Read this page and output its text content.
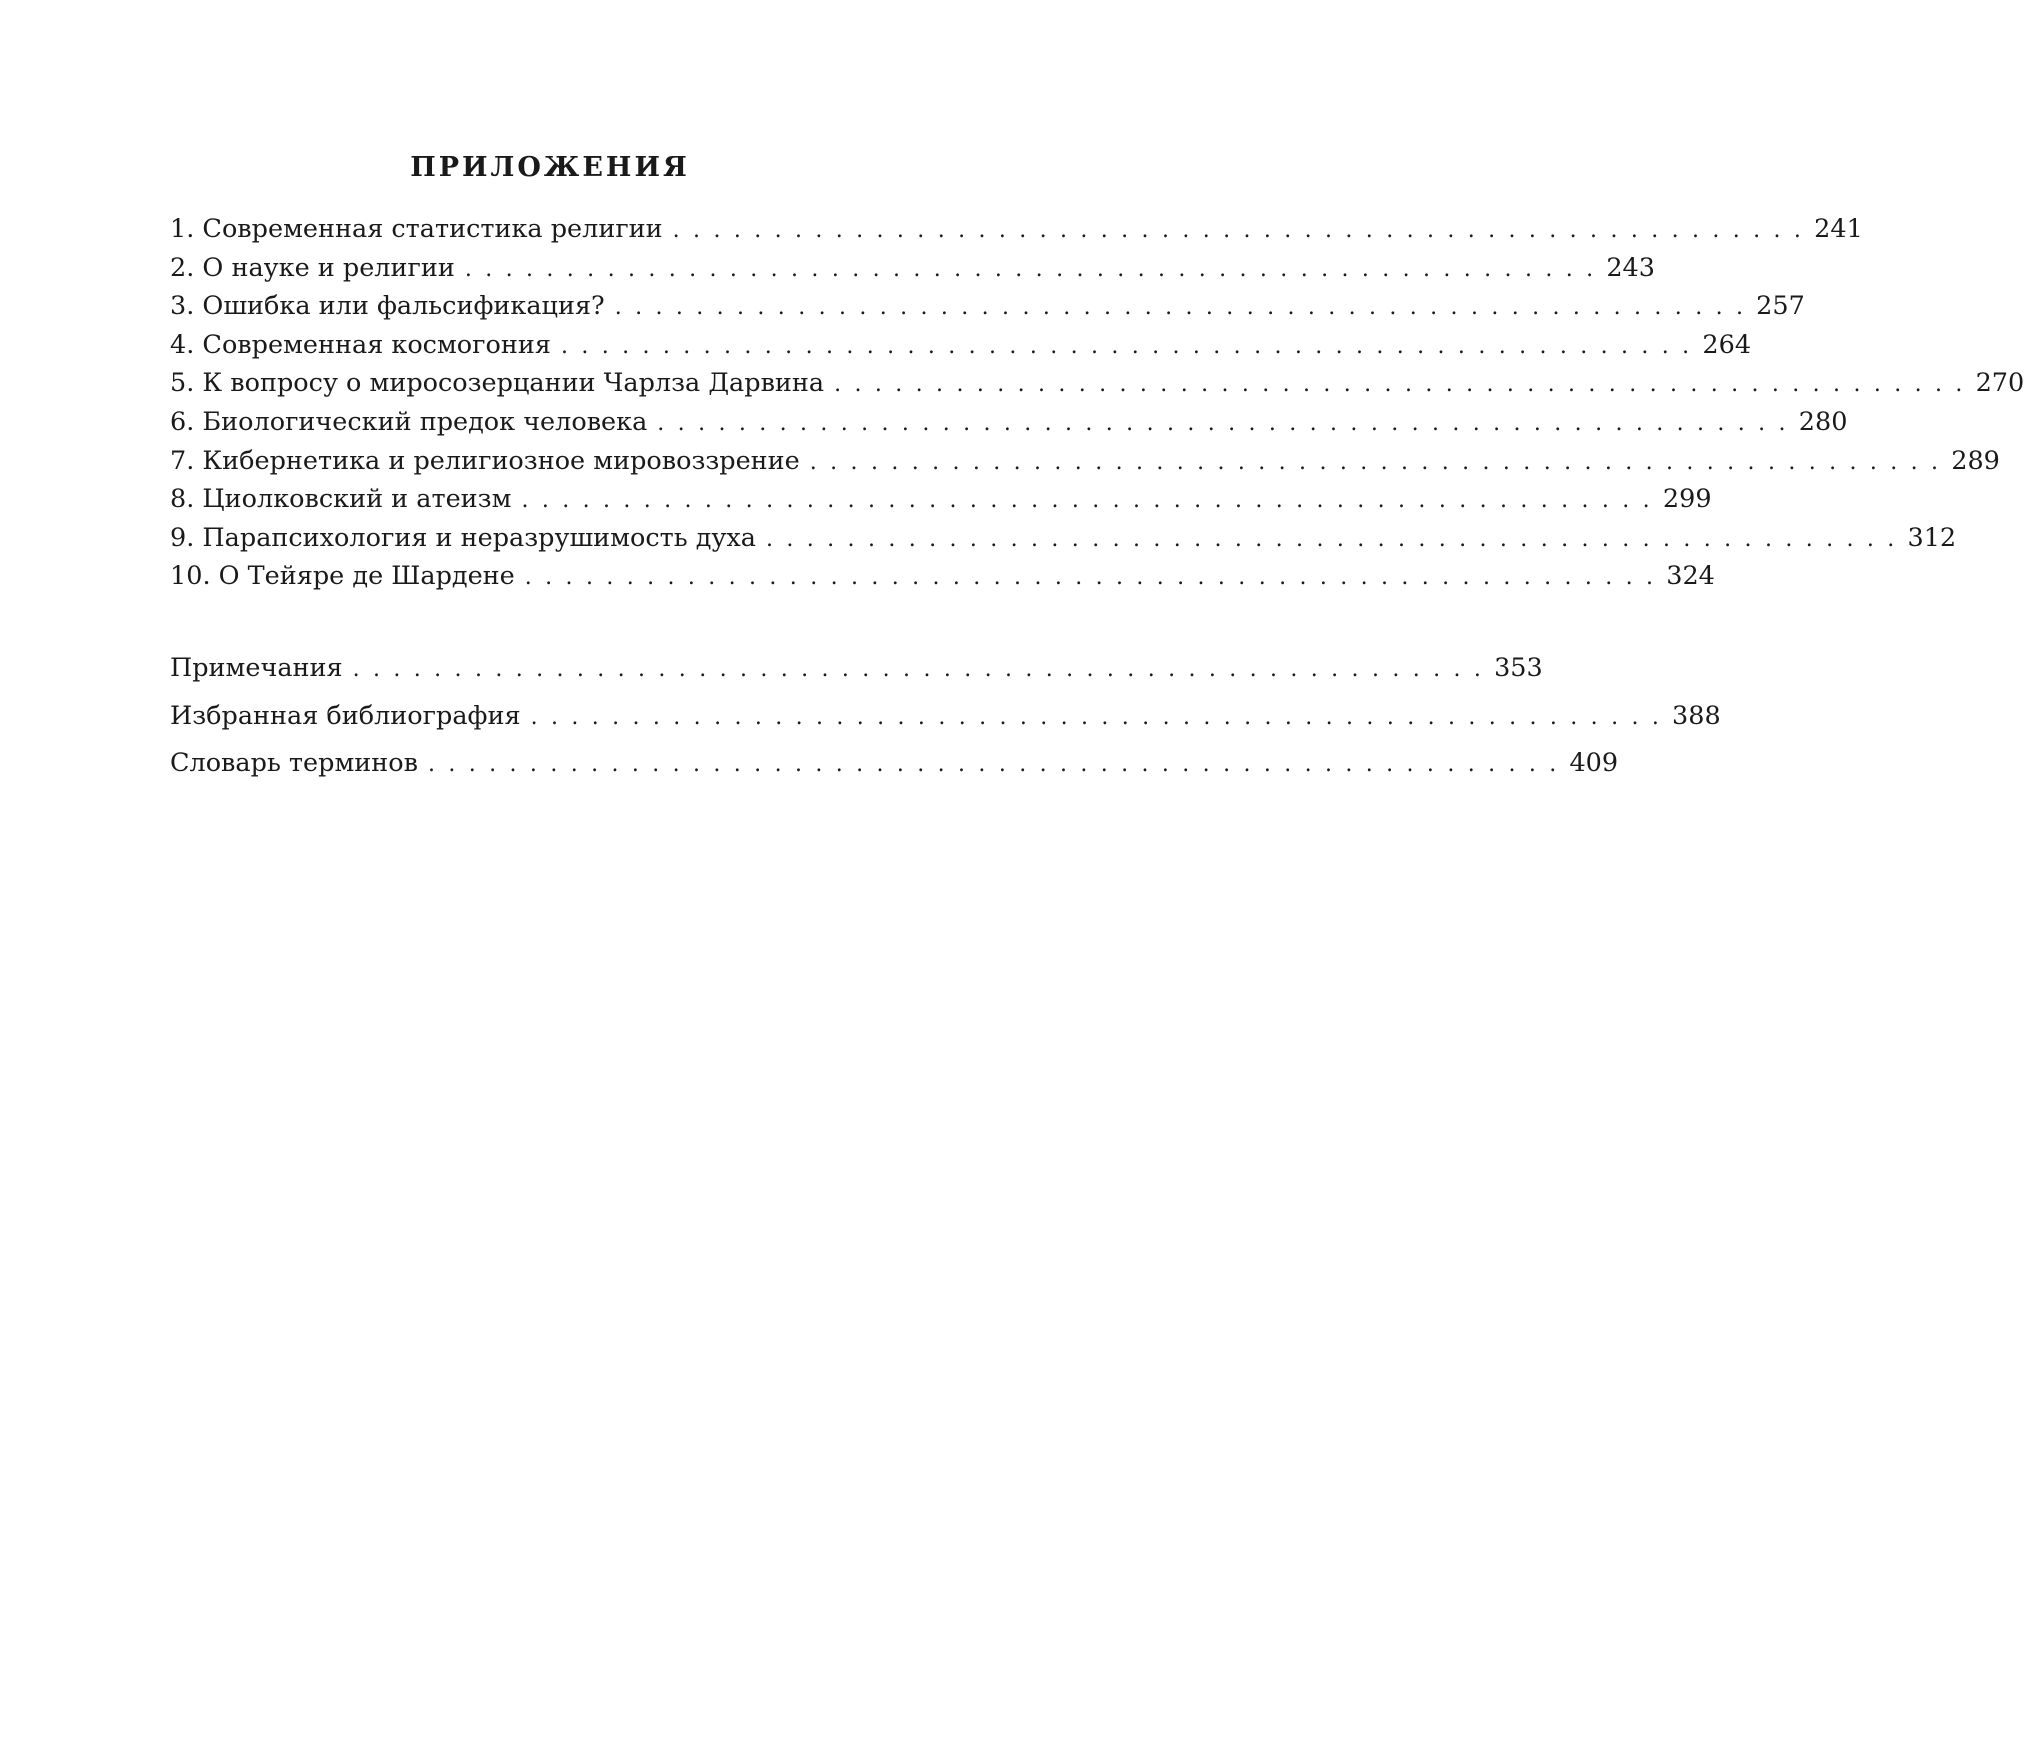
ПРИЛОЖЕНИЯ
1. Современная статистика религии . . . . . . . . . . . . . . . . . . . . . . . . . . . . . . . . . . . . . . . . . . . . . . . . . . . . . . . . 241
2. О науке и религии . . . . . . . . . . . . . . . . . . . . . . . . . . . . . . . . . . . . . . . . . . . . . . . . . . . . . . . . 243
3. Ошибка или фальсификация? . . . . . . . . . . . . . . . . . . . . . . . . . . . . . . . . . . . . . . . . . . . . . . . . . . . . . . . . 257
4. Современная космогония . . . . . . . . . . . . . . . . . . . . . . . . . . . . . . . . . . . . . . . . . . . . . . . . . . . . . . . . 264
5. К вопросу о миросозерцании Чарлза Дарвина . . . . . . . . . . . . . . . . . . . . . . . . . . . . . . . . . . . . . . . . . . . . . . . . . . . . . . . . 270
6. Биологический предок человека . . . . . . . . . . . . . . . . . . . . . . . . . . . . . . . . . . . . . . . . . . . . . . . . . . . . . . . . 280
7. Кибернетика и религиозное мировоззрение . . . . . . . . . . . . . . . . . . . . . . . . . . . . . . . . . . . . . . . . . . . . . . . . . . . . . . . . 289
8. Циолковский и атеизм . . . . . . . . . . . . . . . . . . . . . . . . . . . . . . . . . . . . . . . . . . . . . . . . . . . . . . . . 299
9. Парапсихология и неразрушимость духа . . . . . . . . . . . . . . . . . . . . . . . . . . . . . . . . . . . . . . . . . . . . . . . . . . . . . . . . 312
10. О Тейяре де Шардене . . . . . . . . . . . . . . . . . . . . . . . . . . . . . . . . . . . . . . . . . . . . . . . . . . . . . . . . 324
Примечания . . . . . . . . . . . . . . . . . . . . . . . . . . . . . . . . . . . . . . . . . . . . . . . . . . . . . . . . 353
Избранная библиография . . . . . . . . . . . . . . . . . . . . . . . . . . . . . . . . . . . . . . . . . . . . . . . . . . . . . . . . 388
Словарь терминов . . . . . . . . . . . . . . . . . . . . . . . . . . . . . . . . . . . . . . . . . . . . . . . . . . . . . . . . 409
